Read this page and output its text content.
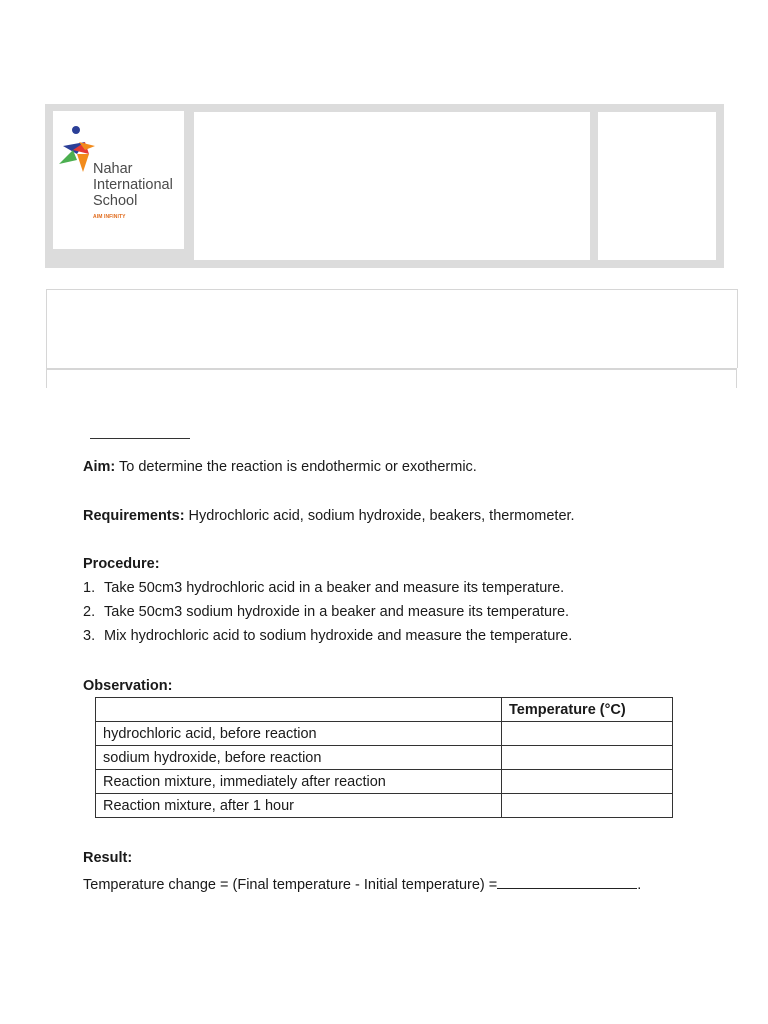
Nahar
International
School
AIM INFINITY
Aim: To determine the reaction is endothermic or exothermic.
Requirements: Hydrochloric acid, sodium hydroxide, beakers, thermometer.
Procedure:
1. Take 50cm3 hydrochloric acid in a beaker and measure its temperature.
2. Take 50cm3 sodium hydroxide in a beaker and measure its temperature.
3. Mix hydrochloric acid to sodium hydroxide and measure the temperature.
Observation:
	Temperature (°C)
hydrochloric acid, before reaction	
sodium hydroxide, before reaction	
Reaction mixture, immediately after reaction	
Reaction mixture, after 1 hour	
Result:
Temperature change = (Final temperature - Initial temperature) =	.
